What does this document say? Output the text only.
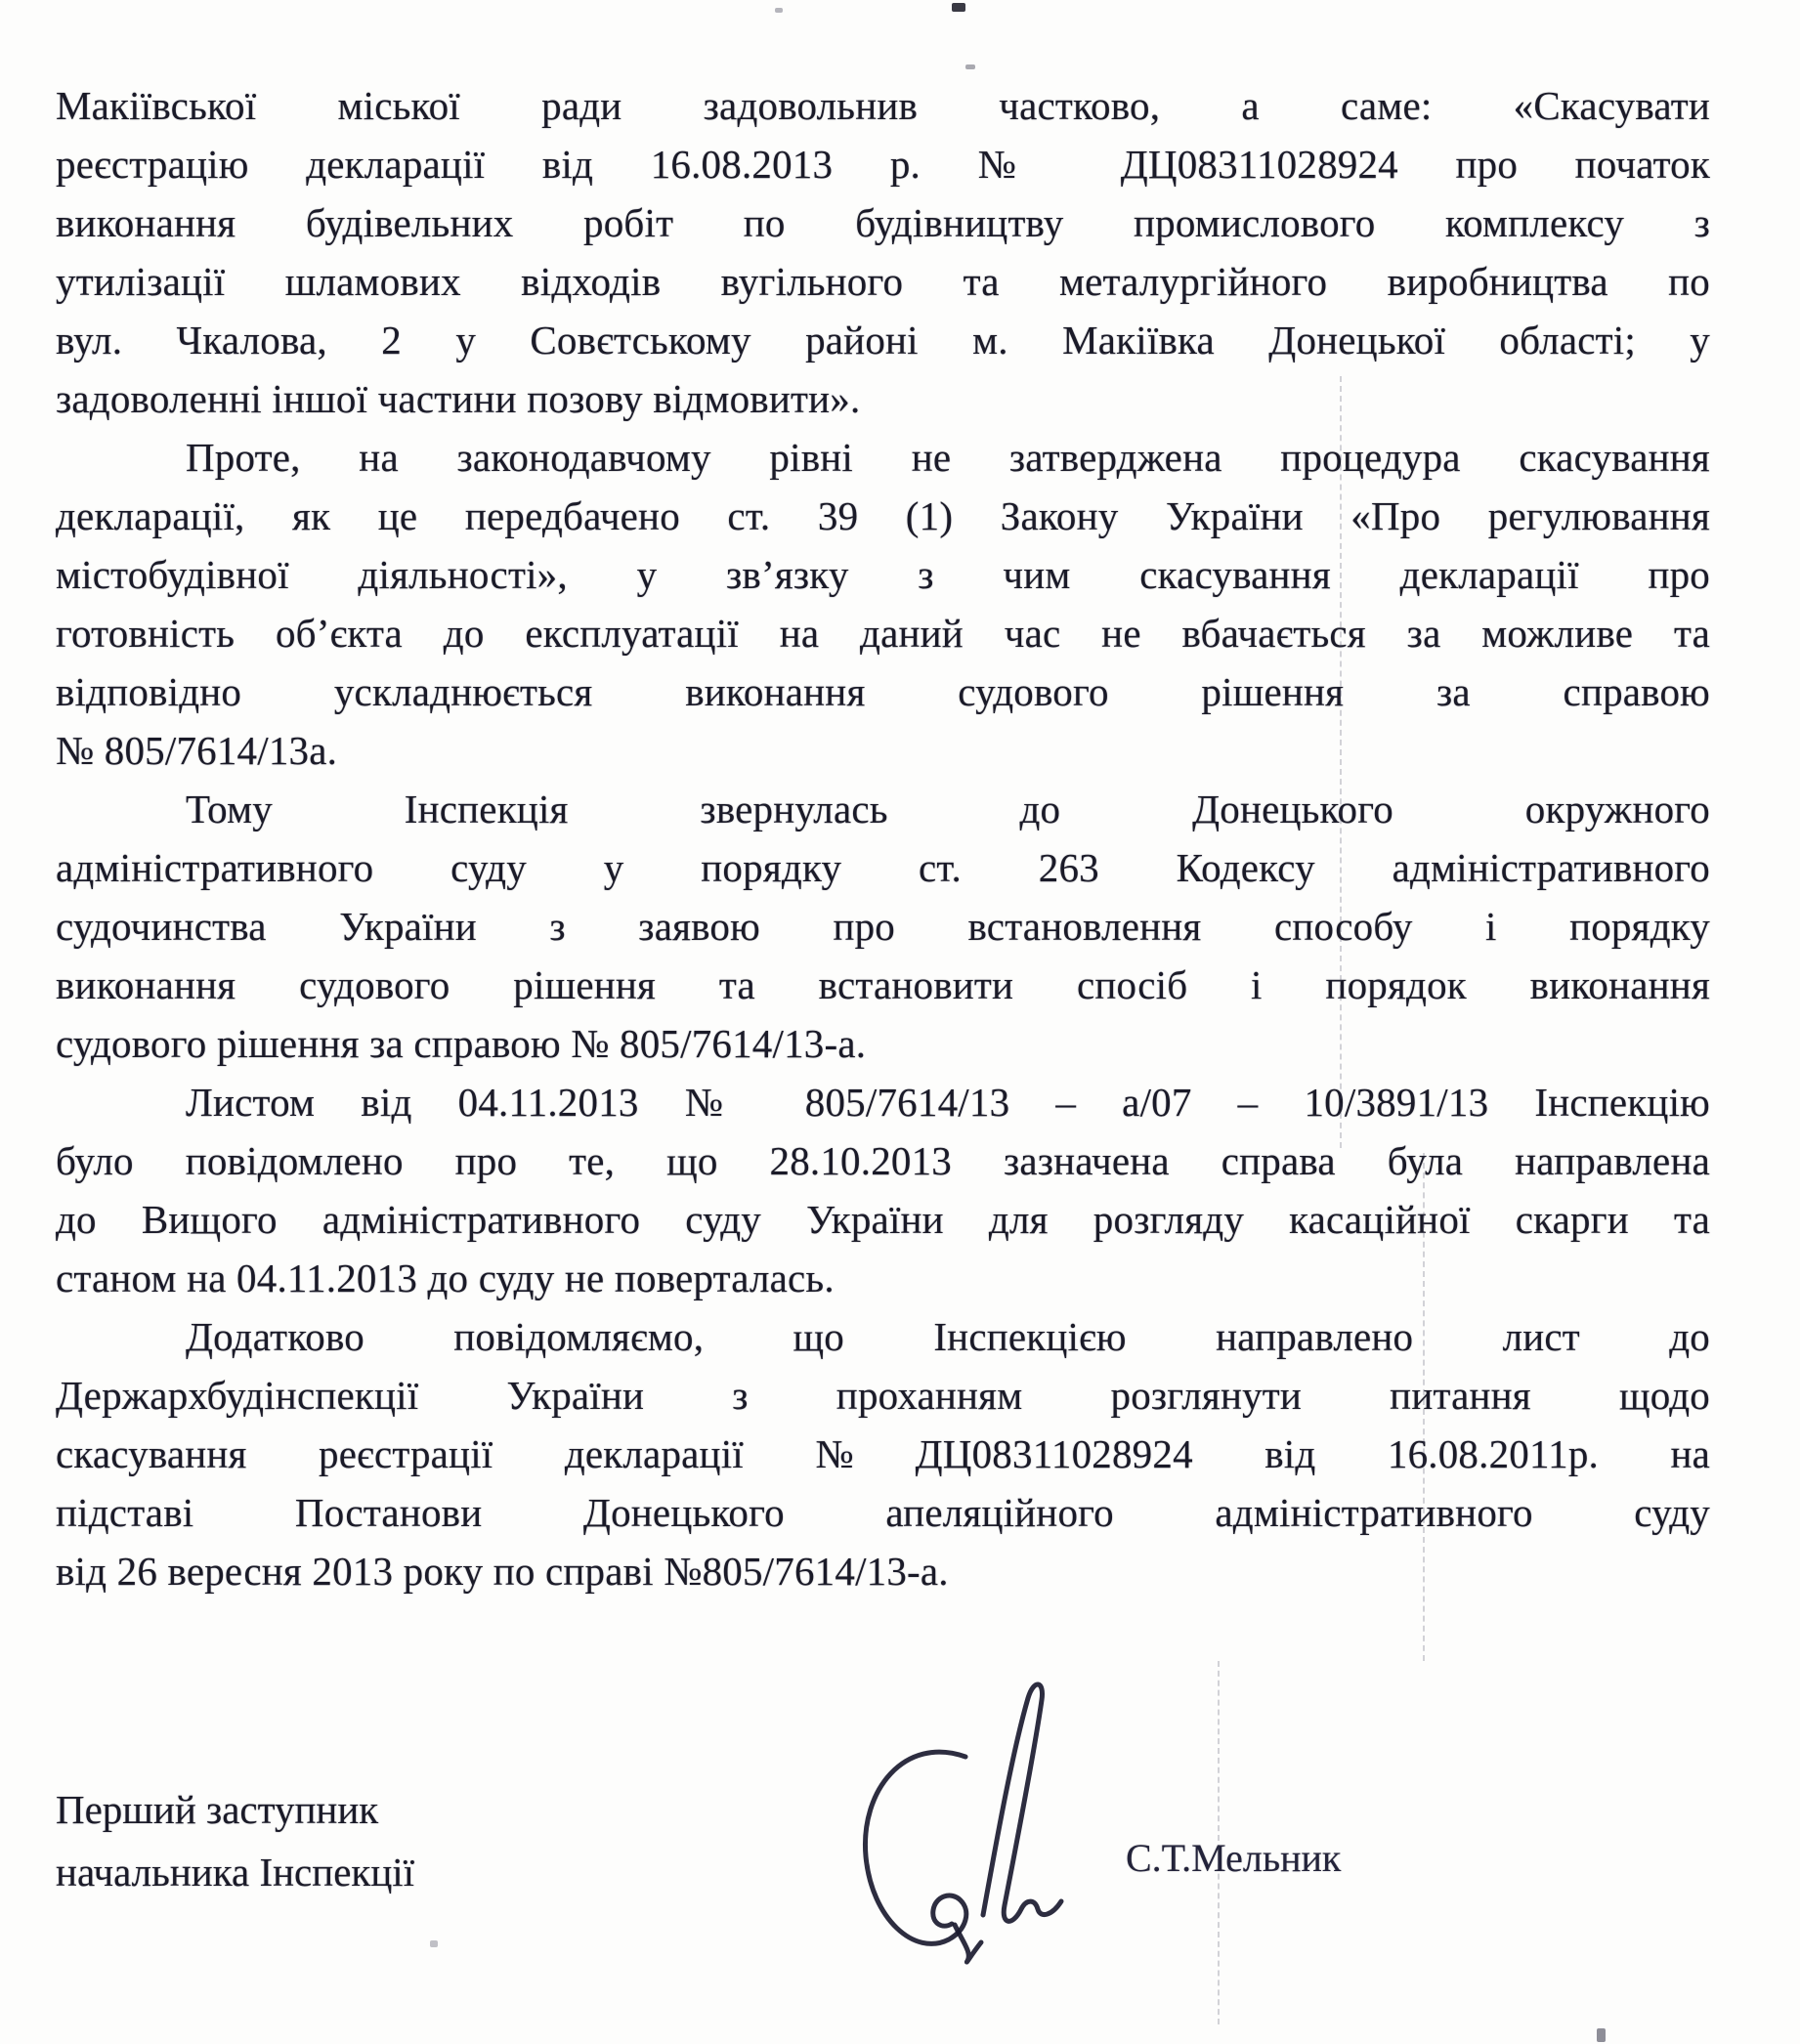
Макіївської міської ради задовольнив частково, а саме: «Скасувати
реєстрацію декларації від 16.08.2013 р. № ДЦ08311028924 про початок
виконання будівельних робіт по будівництву промислового комплексу з
утилізації шламових відходів вугільного та металургійного виробництва по
вул. Чкалова, 2 у Совєтському районі м. Макіївка Донецької області; у
задоволенні іншої частини позову відмовити».
Проте, на законодавчому рівні не затверджена процедура скасування
декларації, як це передбачено ст. 39 (1) Закону України «Про регулювання
містобудівної діяльності», у зв’язку з чим скасування декларації про
готовність об’єкта до експлуатації на даний час не вбачається за можливе та
відповідно ускладнюється виконання судового рішення за справою
№ 805/7614/13а.
Тому Інспекція звернулась до Донецького окружного
адміністративного суду у порядку ст. 263 Кодексу адміністративного
судочинства України з заявою про встановлення способу і порядку
виконання судового рішення та встановити спосіб і порядок виконання
судового рішення за справою № 805/7614/13-а.
Листом від 04.11.2013 № 805/7614/13 – а/07 – 10/3891/13 Інспекцію
було повідомлено про те, що 28.10.2013 зазначена справа була направлена
до Вищого адміністративного суду України для розгляду касаційної скарги та
станом на 04.11.2013 до суду не поверталась.
Додатково повідомляємо, що Інспекцією направлено лист до
Держархбудінспекції України з проханням розглянути питання щодо
скасування реєстрації декларації №ДЦ08311028924 від 16.08.2011р. на
підставі Постанови Донецького апеляційного адміністративного суду
від 26 вересня 2013 року по справі №805/7614/13-а.
Перший заступник
начальника Інспекції	С.Т.Мельник
